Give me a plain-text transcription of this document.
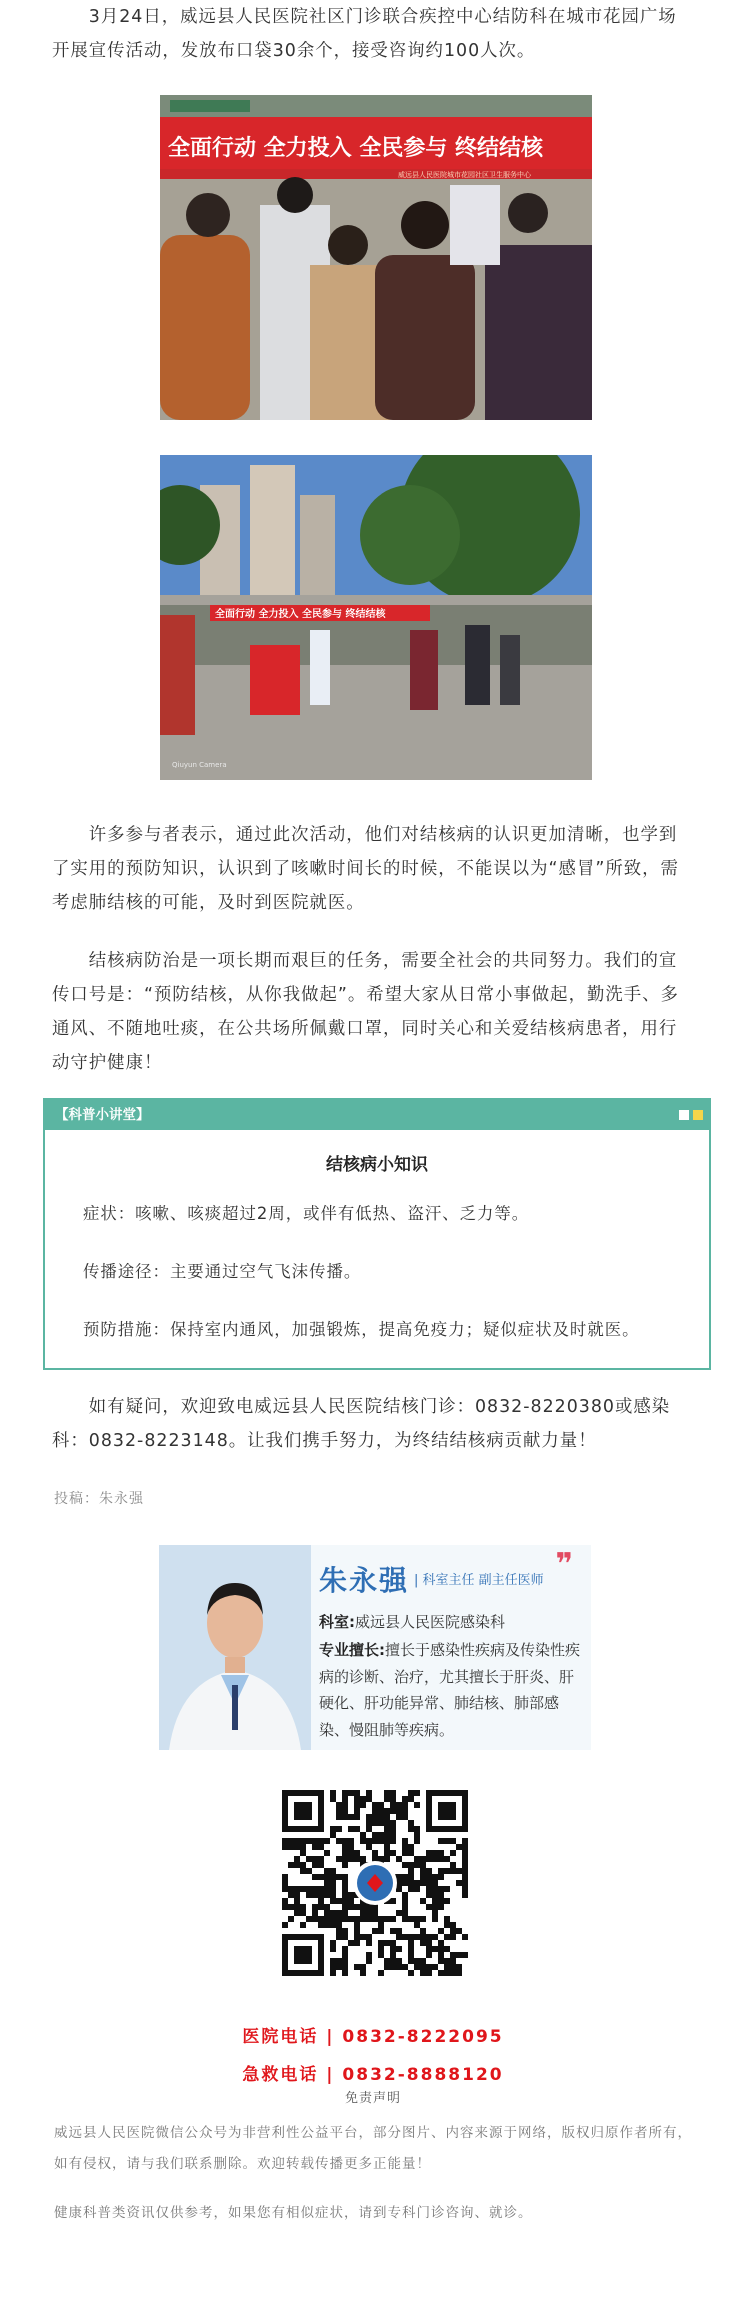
　　3月24日，威远县人民医院社区门诊联合疾控中心结防科在城市花园广场开展宣传活动，发放布口袋30余个，接受咨询约100人次。

全面行动 全力投入 全民参与 终结结核
威远县人民医院城市花园社区卫生服务中心
全面行动 全力投入 全民参与 终结结核
Qiuyun Camera

　　许多参与者表示，通过此次活动，他们对结核病的认识更加清晰，也学到了实用的预防知识，认识到了咳嗽时间长的时候，不能误以为“感冒”所致，需考虑肺结核的可能，及时到医院就医。

　　结核病防治是一项长期而艰巨的任务，需要全社会的共同努力。我们的宣传口号是：“预防结核，从你我做起”。希望大家从日常小事做起，勤洗手、多通风、不随地吐痰，在公共场所佩戴口罩，同时关心和关爱结核病患者，用行动守护健康！

【科普小讲堂】
结核病小知识
症状：咳嗽、咳痰超过2周，或伴有低热、盗汗、乏力等。
传播途径：主要通过空气飞沫传播。
预防措施：保持室内通风，加强锻炼，提高免疫力；疑似症状及时就医。

　　如有疑问，欢迎致电威远县人民医院结核门诊：0832-8220380或感染科：0832-8223148。让我们携手努力，为终结结核病贡献力量！

投稿：朱永强
朱永强 | 科室主任 副主任医师 ❞
科室:威远县人民医院感染科
专业擅长:擅长于感染性疾病及传染性疾病的诊断、治疗，尤其擅长于肝炎、肝硬化、肝功能异常、肺结核、肺部感染、慢阻肺等疾病。
医院电话 | 0832-8222095
急救电话 | 0832-8888120
免责声明
威远县人民医院微信公众号为非营利性公益平台，部分图片、内容来源于网络，版权归原作者所有，如有侵权，请与我们联系删除。欢迎转载传播更多正能量！
健康科普类资讯仅供参考，如果您有相似症状，请到专科门诊咨询、就诊。
